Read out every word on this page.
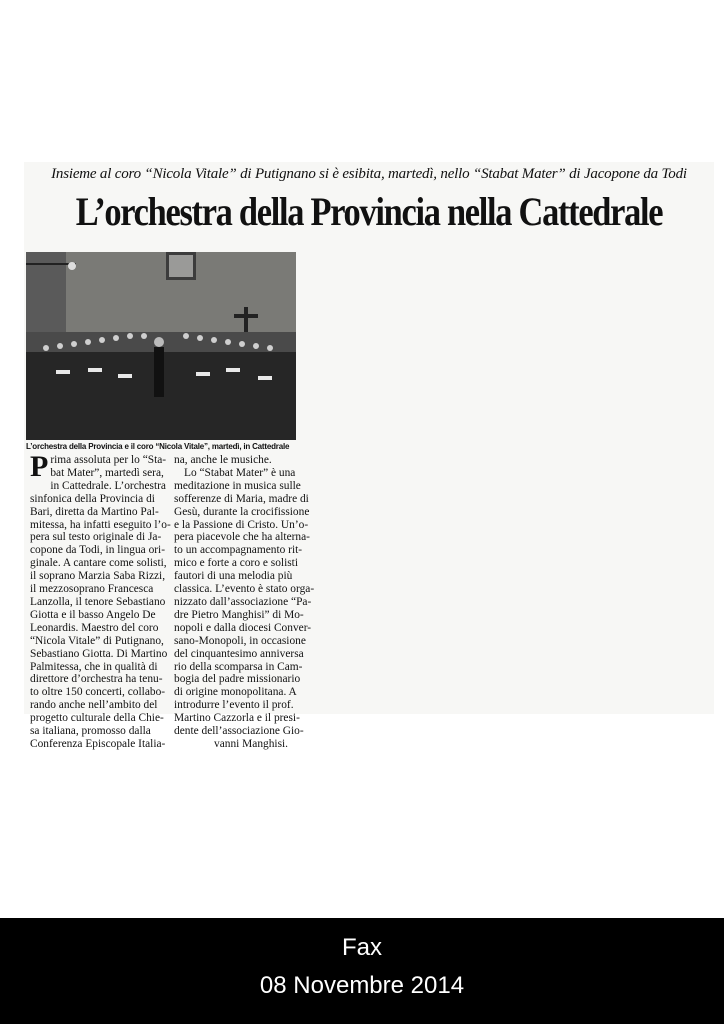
Insieme al coro “Nicola Vitale” di Putignano si è esibita, martedì, nello “Stabat Mater” di Jacopone da Todi
L’orchestra della Provincia nella Cattedrale
L’orchestra della Provincia e il coro “Nicola Vitale”, martedì, in Cattedrale
P rima assoluta per lo “Sta-
bat Mater”, martedì sera,
in Cattedrale. L’orchestra
sinfonica della Provincia di
Bari, diretta da Martino Pal-
mitessa, ha infatti eseguito l’o-
pera sul testo originale di Ja-
copone da Todi, in lingua ori-
ginale. A cantare come solisti,
il soprano Marzia Saba Rizzi,
il mezzosoprano Francesca
Lanzolla, il tenore Sebastiano
Giotta e il basso Angelo De
Leonardis. Maestro del coro
“Nicola Vitale” di Putignano,
Sebastiano Giotta. Di Martino
Palmitessa, che in qualità di
direttore d’orchestra ha tenu-
to oltre 150 concerti, collabo-
rando anche nell’ambito del
progetto culturale della Chie-
sa italiana, promosso dalla
Conferenza Episcopale Italia-
na, anche le musiche.
Lo “Stabat Mater” è una
meditazione in musica sulle
sofferenze di Maria, madre di
Gesù, durante la crocifissione
e la Passione di Cristo. Un’o-
pera piacevole che ha alterna-
to un accompagnamento rit-
mico e forte a coro e solisti
fautori di una melodia più
classica. L’evento è stato orga-
nizzato dall’associazione “Pa-
dre Pietro Manghisi” di Mo-
nopoli e dalla diocesi Conver-
sano-Monopoli, in occasione
del cinquantesimo anniversa
rio della scomparsa in Cam-
bogia del padre missionario
di origine monopolitana. A
introdurre l’evento il prof.
Martino Cazzorla e il presi-
dente dell’associazione Gio-
vanni Manghisi.
Fax
08 Novembre 2014
